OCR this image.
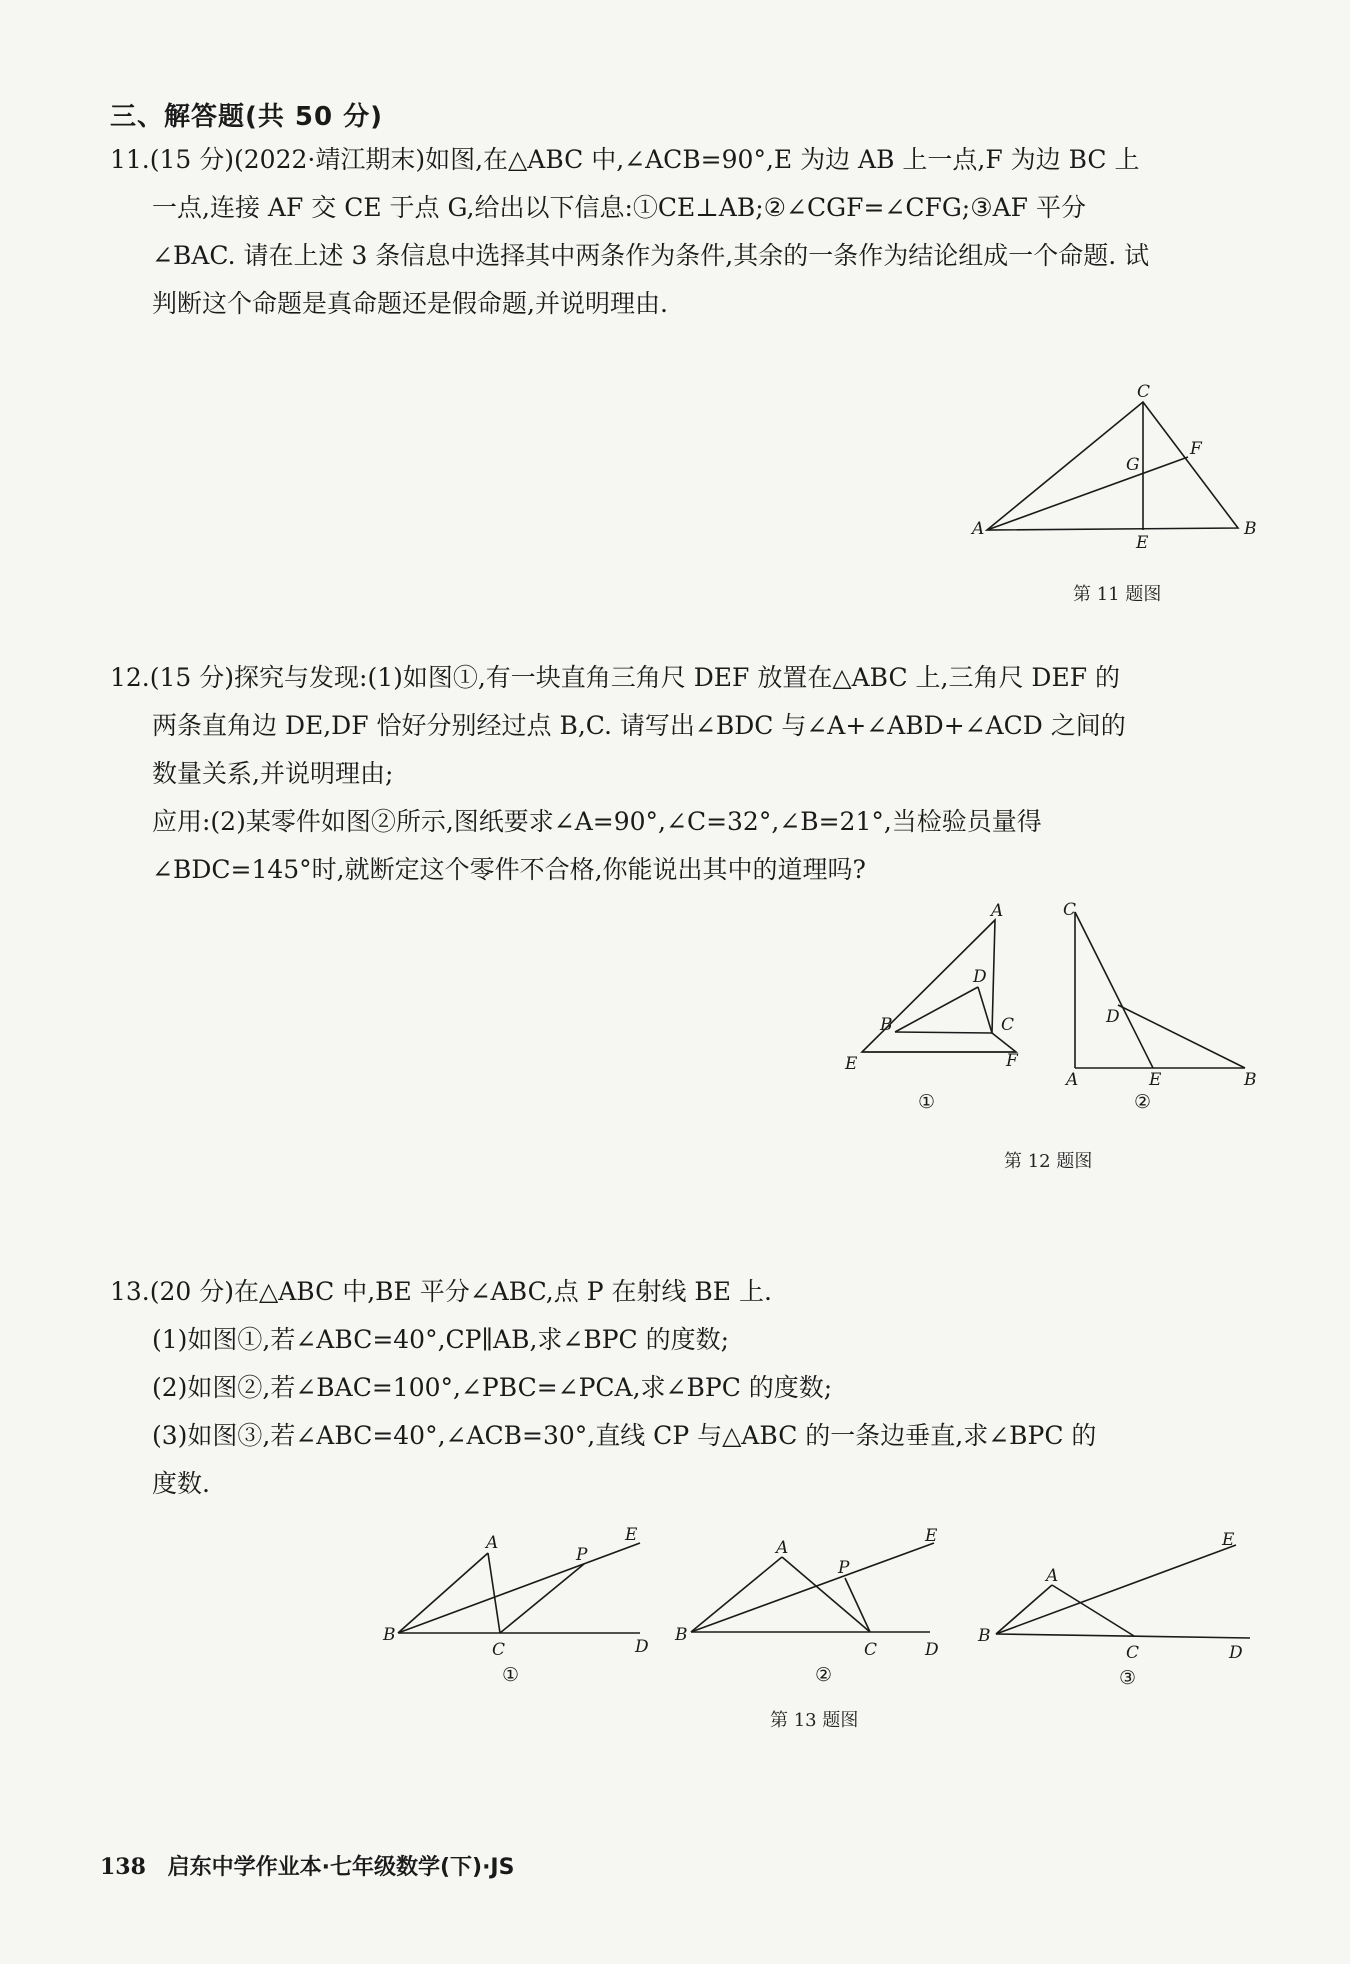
三、解答题(共 50 分)

11.(15 分)(2022·靖江期末)如图,在△ABC 中,∠ACB=90°,E 为边 AB 上一点,F 为边 BC 上

一点,连接 AF 交 CE 于点 G,给出以下信息:①CE⊥AB;②∠CGF=∠CFG;③AF 平分

∠BAC. 请在上述 3 条信息中选择其中两条作为条件,其余的一条作为结论组成一个命题. 试

判断这个命题是真命题还是假命题,并说明理由.

A	B
C
E
F
G
第 11 题图

12.(15 分)探究与发现:(1)如图①,有一块直角三角尺 DEF 放置在△ABC 上,三角尺 DEF 的

两条直角边 DE,DF 恰好分别经过点 B,C. 请写出∠BDC 与∠A+∠ABD+∠ACD 之间的

数量关系,并说明理由;

应用:(2)某零件如图②所示,图纸要求∠A=90°,∠C=32°,∠B=21°,当检验员量得

∠BDC=145°时,就断定这个零件不合格,你能说出其中的道理吗?

A
B	C
D
E	F
①
C
A	B
D
E
②
第 12 题图

13.(20 分)在△ABC 中,BE 平分∠ABC,点 P 在射线 BE 上.

(1)如图①,若∠ABC=40°,CP∥AB,求∠BPC 的度数;

(2)如图②,若∠BAC=100°,∠PBC=∠PCA,求∠BPC 的度数;

(3)如图③,若∠ABC=40°,∠ACB=30°,直线 CP 与△ABC 的一条边垂直,求∠BPC 的

度数.

B
A
C	D
E
P
①
B
A
C	D
E
P
②
B
A
C	D
E
③
第 13 题图
138 启东中学作业本·七年级数学(下)·JS
